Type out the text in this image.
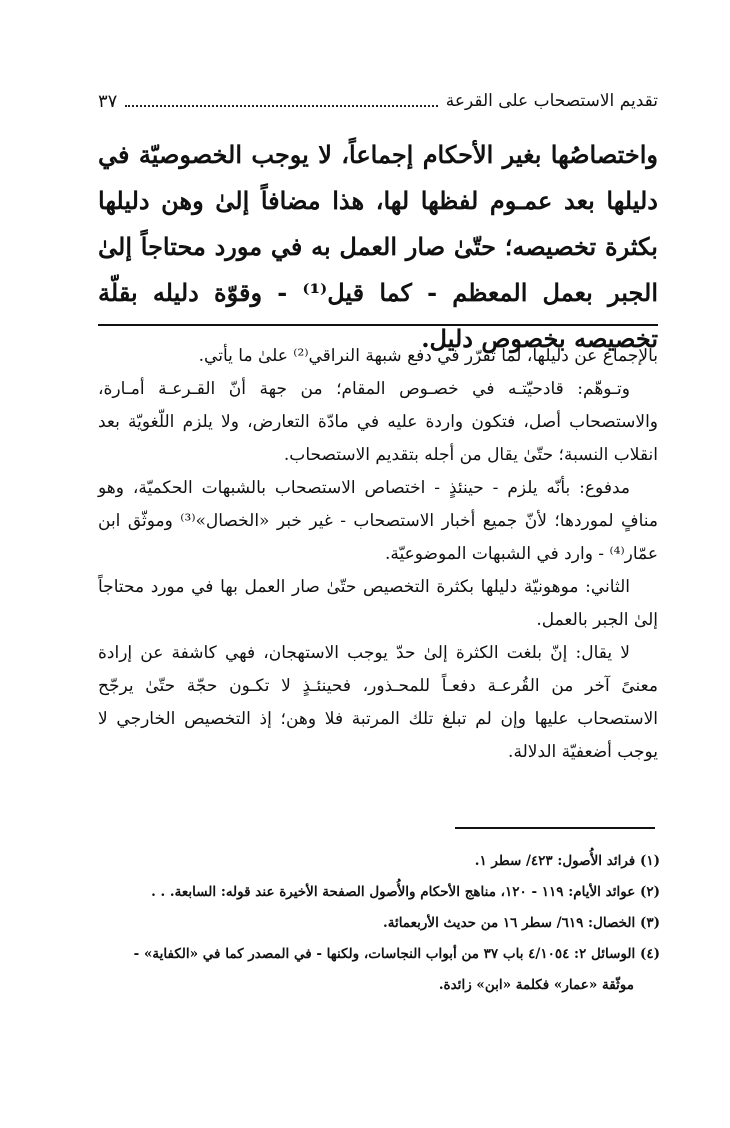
تقديم الاستصحاب على القرعة
٣٧

واختصاصُها بغير الأحكام إجماعاً، لا يوجب الخصوصيّة في دليلها بعد عمـوم لفظها لها، هذا مضافاً إلىٰ وهن دليلها بكثرة تخصيصه؛ حتّىٰ صار العمل به في مورد محتاجاً إلىٰ الجبر بعمل المعظم - كما قيل⁽¹⁾ - وقوّة دليله بقلّة تخصيصه بخصوص دليل.

بالإجماع عن دليلها، لما تقرّر في دفع شبهة النراقي⁽²⁾ علىٰ ما يأتي.

وتـوهّم: قادحيّتـه في خصـوص المقام؛ من جهة أنّ القـرعـة أمـارة، والاستصحاب أصل، فتكون واردة عليه في مادّة التعارض، ولا يلزم اللّغويّة بعد انقلاب النسبة؛ حتّىٰ يقال من أجله بتقديم الاستصحاب.

مدفوع: بأنّه يلزم - حينئذٍ - اختصاص الاستصحاب بالشبهات الحكميّة، وهو منافٍ لموردها؛ لأنّ جميع أخبار الاستصحاب - غير خبر «الخصال»⁽³⁾ وموثّق ابن عمّار⁽⁴⁾ - وارد في الشبهات الموضوعيّة.

الثاني: موهونيّة دليلها بكثرة التخصيص حتّىٰ صار العمل بها في مورد محتاجاً إلىٰ الجبر بالعمل.

لا يقال: إنّ بلغت الكثرة إلىٰ حدّ يوجب الاستهجان، فهي كاشفة عن إرادة معنىً آخر من القُرعـة دفعـاً للمحـذور، فحينئـذٍ لا تكـون حجّة حتّىٰ يرجّح الاستصحاب عليها وإن لم تبلغ تلك المرتبة فلا وهن؛ إذ التخصيص الخارجي لا يوجب أضعفيّة الدلالة.

(١) فرائد الأُصول: ٤٢٣/ سطر ١.

(٢) عوائد الأيام: ١١٩ - ١٢٠، مناهج الأحكام والأُصول الصفحة الأخيرة عند قوله: السابعة. . .

(٣) الخصال: ٦١٩/ سطر ١٦ من حديث الأربعمائة.

(٤) الوسائل ٢: ٤/١٠٥٤ باب ٣٧ من أبواب النجاسات، ولكنها - في المصدر كما في «الكفاية» -

موثّقة «عمار» فكلمة «ابن» زائدة.
